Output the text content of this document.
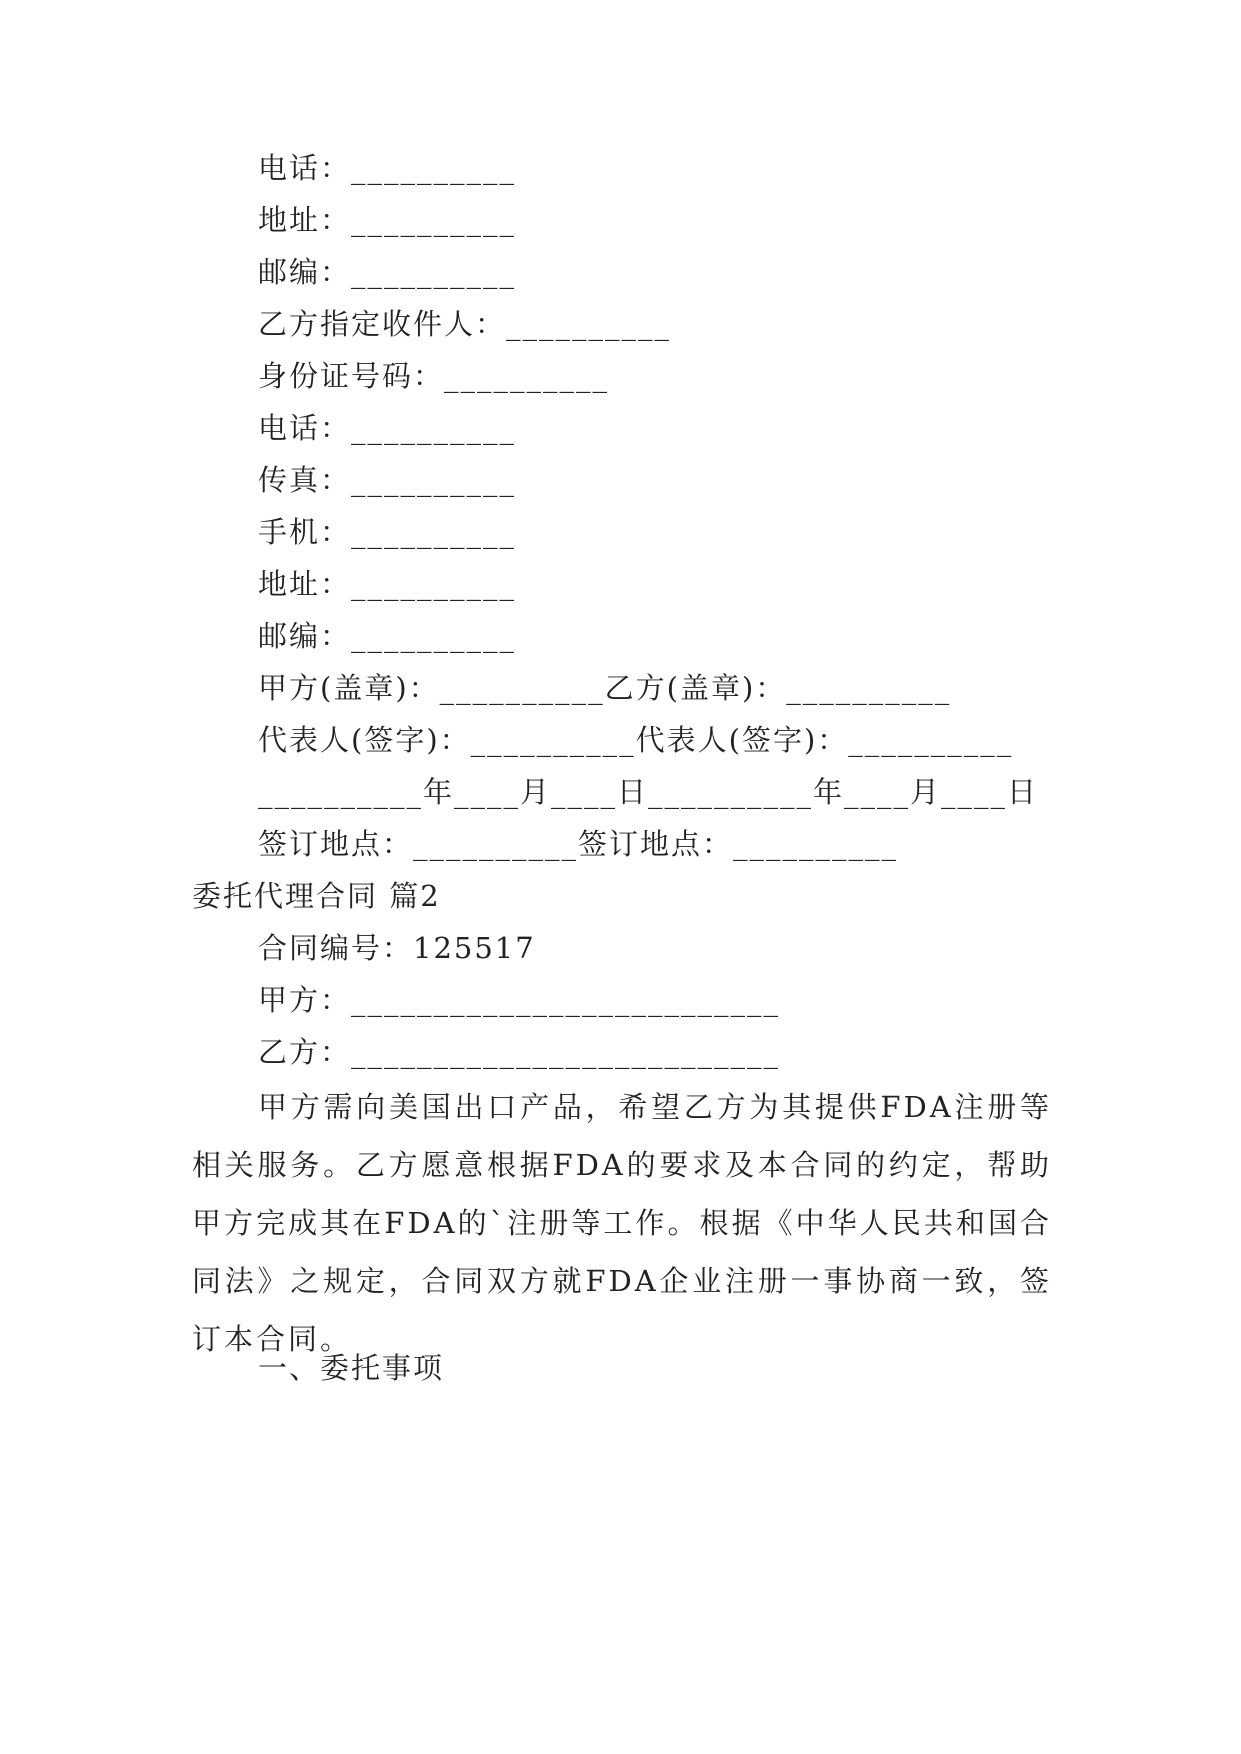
电话：__________
地址：__________
邮编：__________
乙方指定收件人：__________
身份证号码：__________
电话：__________
传真：__________
手机：__________
地址：__________
邮编：__________
甲方(盖章)：__________乙方(盖章)：__________
代表人(签字)：__________代表人(签字)：__________
__________年____月____日__________年____月____日
签订地点：__________签订地点：__________
委托代理合同 篇2
合同编号：125517
甲方：__________________________
乙方：__________________________

甲方需向美国出口产品，希望乙方为其提供FDA注册等相关服务。乙方愿意根据FDA的要求及本合同的约定，帮助甲方完成其在FDA的`注册等工作。根据《中华人民共和国合同法》之规定，合同双方就FDA企业注册一事协商一致，签订本合同。

一、委托事项
